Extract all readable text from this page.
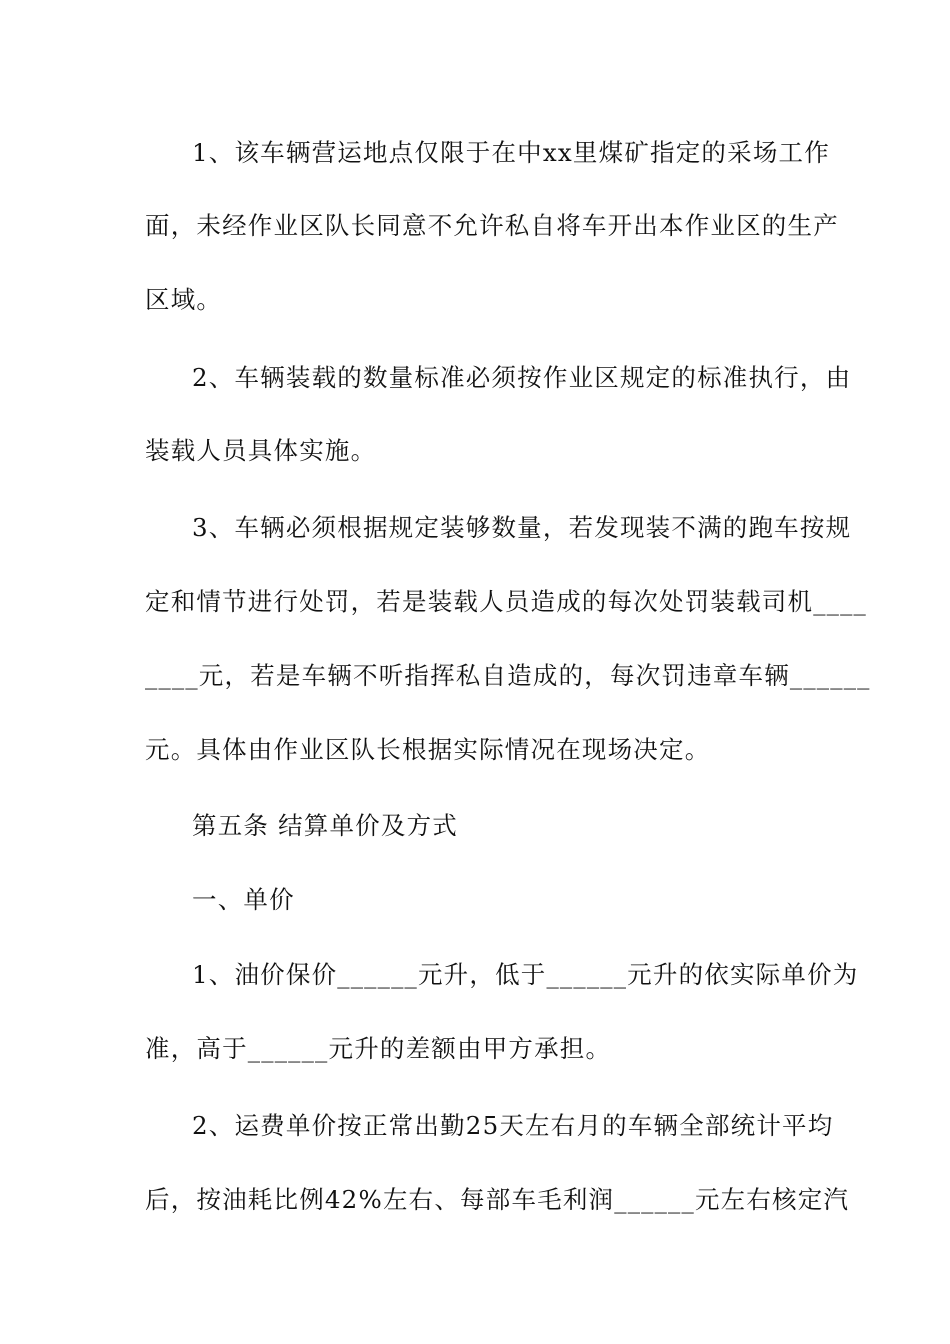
1、该车辆营运地点仅限于在中xx里煤矿指定的采场工作
面，未经作业区队长同意不允许私自将车开出本作业区的生产
区域。
2、车辆装载的数量标准必须按作业区规定的标准执行，由
装载人员具体实施。
3、车辆必须根据规定装够数量，若发现装不满的跑车按规
定和情节进行处罚，若是装载人员造成的每次处罚装载司机____
____元，若是车辆不听指挥私自造成的，每次罚违章车辆______
元。具体由作业区队长根据实际情况在现场决定。
第五条 结算单价及方式
一、单价
1、油价保价______元升，低于______元升的依实际单价为
准，高于______元升的差额由甲方承担。
2、运费单价按正常出勤25天左右月的车辆全部统计平均
后，按油耗比例42%左右、每部车毛利润______元左右核定汽
